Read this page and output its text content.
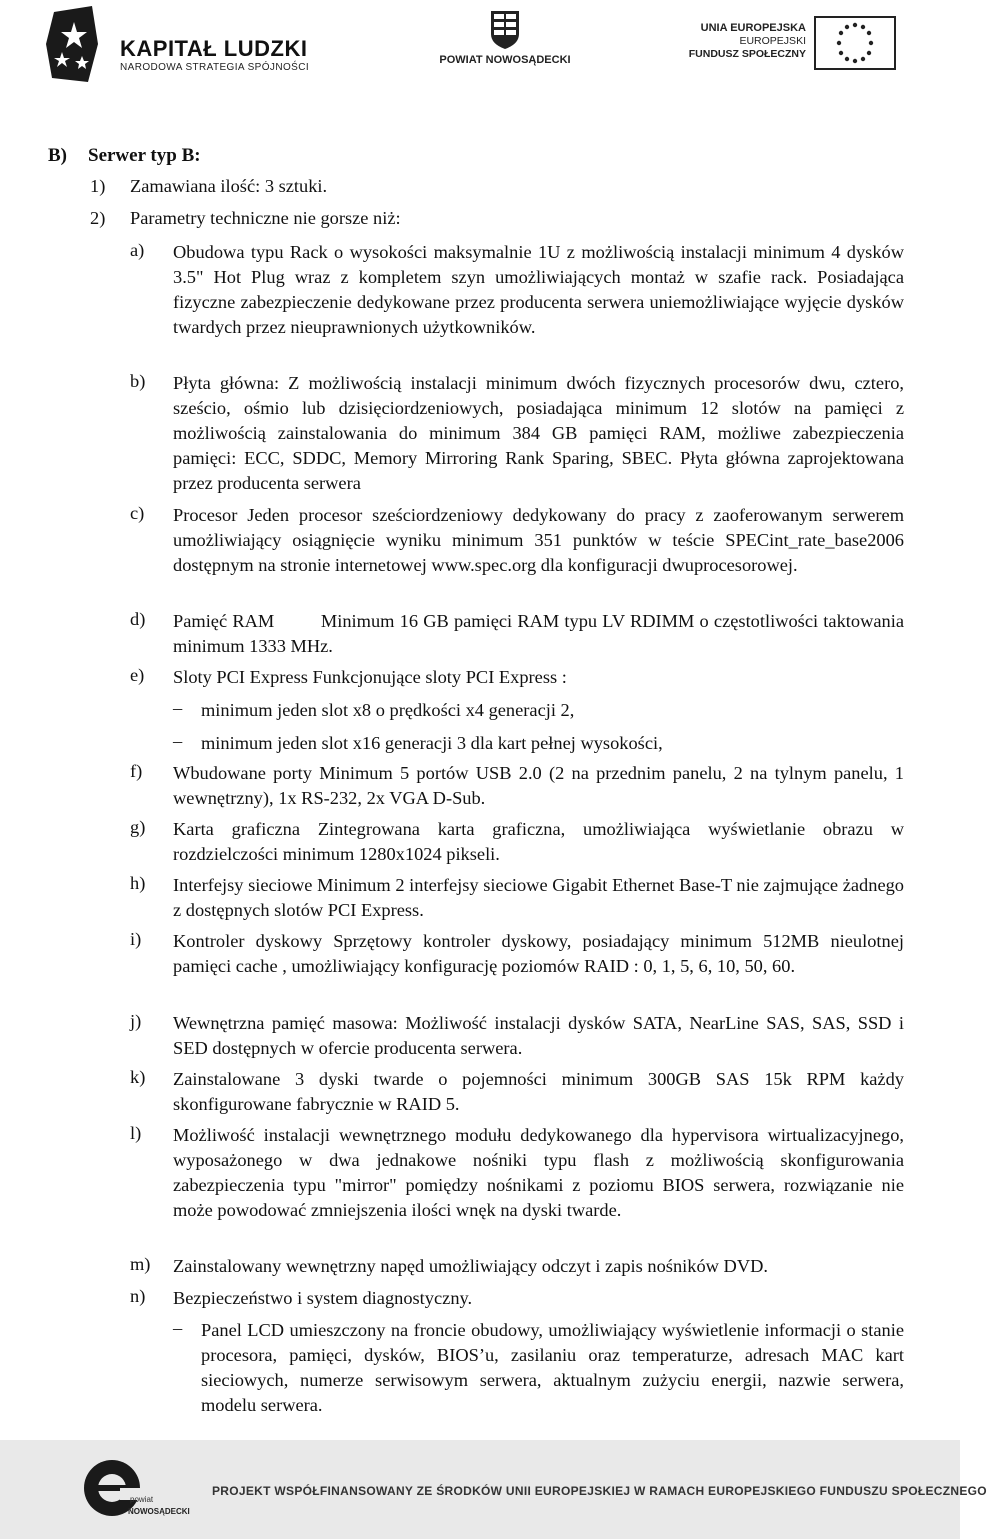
KAPITAŁ LUDZKI
NARODOWA STRATEGIA SPÓJNOŚCI
POWIAT NOWOSĄDECKI
UNIA EUROPEJSKA
EUROPEJSKI
FUNDUSZ SPOŁECZNY
B) Serwer typ B:
1) Zamawiana ilość: 3 sztuki.
2) Parametry techniczne nie gorsze niż:
a) Obudowa typu Rack o wysokości maksymalnie 1U z możliwością instalacji minimum 4 dysków 3.5" Hot Plug wraz z kompletem szyn umożliwiających montaż w szafie rack. Posiadająca fizyczne zabezpieczenie dedykowane przez producenta serwera uniemożliwiające wyjęcie dysków twardych przez nieuprawnionych użytkowników.
b) Płyta główna: Z możliwością instalacji minimum dwóch fizycznych procesorów dwu, cztero, sześcio, ośmio lub dzisięciordzeniowych, posiadająca minimum 12 slotów na pamięci z możliwością zainstalowania do minimum 384 GB pamięci RAM, możliwe zabezpieczenia pamięci: ECC, SDDC, Memory Mirroring Rank Sparing, SBEC. Płyta główna zaprojektowana przez producenta serwera
c) Procesor Jeden procesor sześciordzeniowy dedykowany do pracy z zaoferowanym serwerem umożliwiający osiągnięcie wyniku minimum 351 punktów w teście SPECint_rate_base2006 dostępnym na stronie internetowej www.spec.org dla konfiguracji dwuprocesorowej.
d) Pamięć RAM	Minimum 16 GB pamięci RAM typu LV RDIMM o częstotliwości taktowania minimum 1333 MHz.
e) Sloty PCI Express Funkcjonujące sloty PCI Express :
– minimum jeden slot x8 o prędkości x4 generacji 2,
– minimum jeden slot x16 generacji 3 dla kart pełnej wysokości,
f) Wbudowane porty Minimum 5 portów USB 2.0 (2 na przednim panelu, 2 na tylnym panelu, 1 wewnętrzny), 1x RS-232, 2x VGA D-Sub.
g) Karta graficzna Zintegrowana karta graficzna, umożliwiająca wyświetlanie obrazu w rozdzielczości minimum 1280x1024 pikseli.
h) Interfejsy sieciowe Minimum 2 interfejsy sieciowe Gigabit Ethernet Base-T nie zajmujące żadnego z dostępnych slotów PCI Express.
i) Kontroler dyskowy Sprzętowy kontroler dyskowy, posiadający minimum 512MB nieulotnej pamięci cache , umożliwiający konfigurację poziomów RAID : 0, 1, 5, 6, 10, 50, 60.
j) Wewnętrzna pamięć masowa: Możliwość instalacji dysków SATA, NearLine SAS, SAS, SSD i SED dostępnych w ofercie producenta serwera.
k) Zainstalowane 3 dyski twarde o pojemności minimum 300GB SAS 15k RPM każdy skonfigurowane fabrycznie w RAID 5.
l) Możliwość instalacji wewnętrznego modułu dedykowanego dla hypervisora wirtualizacyjnego, wyposażonego w dwa jednakowe nośniki typu flash z możliwością skonfigurowania zabezpieczenia typu "mirror" pomiędzy nośnikami z poziomu BIOS serwera, rozwiązanie nie może powodować zmniejszenia ilości wnęk na dyski twarde.
m) Zainstalowany wewnętrzny napęd umożliwiający odczyt i zapis nośników DVD.
n) Bezpieczeństwo i system diagnostyczny.
– Panel LCD umieszczony na froncie obudowy, umożliwiający wyświetlenie informacji o stanie procesora, pamięci, dysków, BIOS’u, zasilaniu oraz temperaturze, adresach MAC kart sieciowych, numerze serwisowym serwera, aktualnym zużyciu energii, nazwie serwera, modelu serwera.
powiat
NOWOSĄDECKI
PROJEKT WSPÓŁFINANSOWANY ZE ŚRODKÓW UNII EUROPEJSKIEJ W RAMACH EUROPEJSKIEGO FUNDUSZU SPOŁECZNEGO
